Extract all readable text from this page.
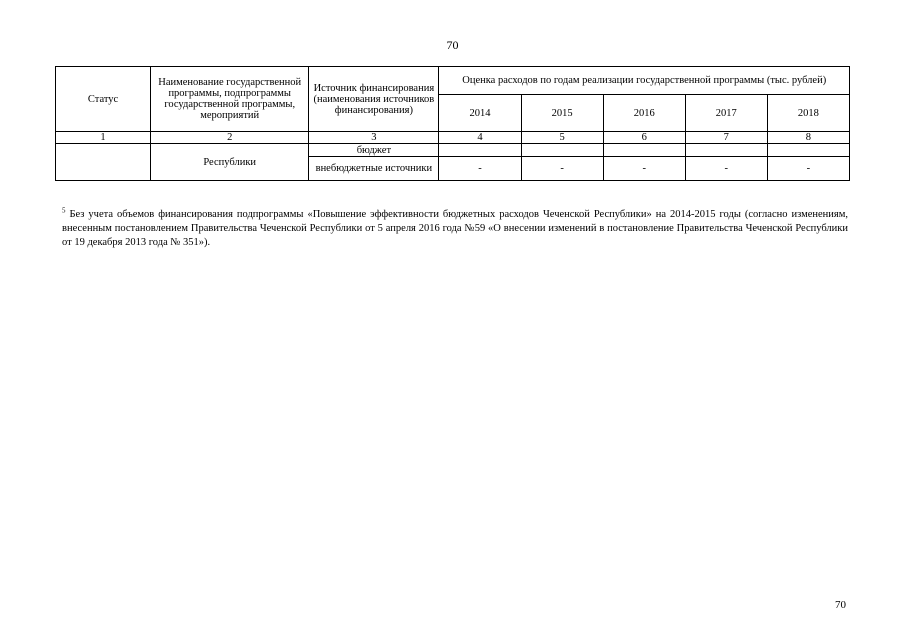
70
Статус	Наименование государственной программы, подпрограммы государственной программы, мероприятий	Источник финансирования (наименования источников финансирования)	Оценка расходов по годам реализации государственной программы (тыс. рублей)				
			2014	2015	2016	2017	2018
1	2	3	4	5	6	7	8
	Республики	бюджет					
		внебюджетные источники	-	-	-	-	-
$^5$ Без учета объемов финансирования подпрограммы «Повышение эффективности бюджетных расходов Чеченской Республики» на 2014-2015 годы (согласно изменениям, внесенным постановлением Правительства Чеченской Республики от 5 апреля 2016 года №59 «О внесении изменений в постановление Правительства Чеченской Республики от 19 декабря 2013 года № 351»).
70
